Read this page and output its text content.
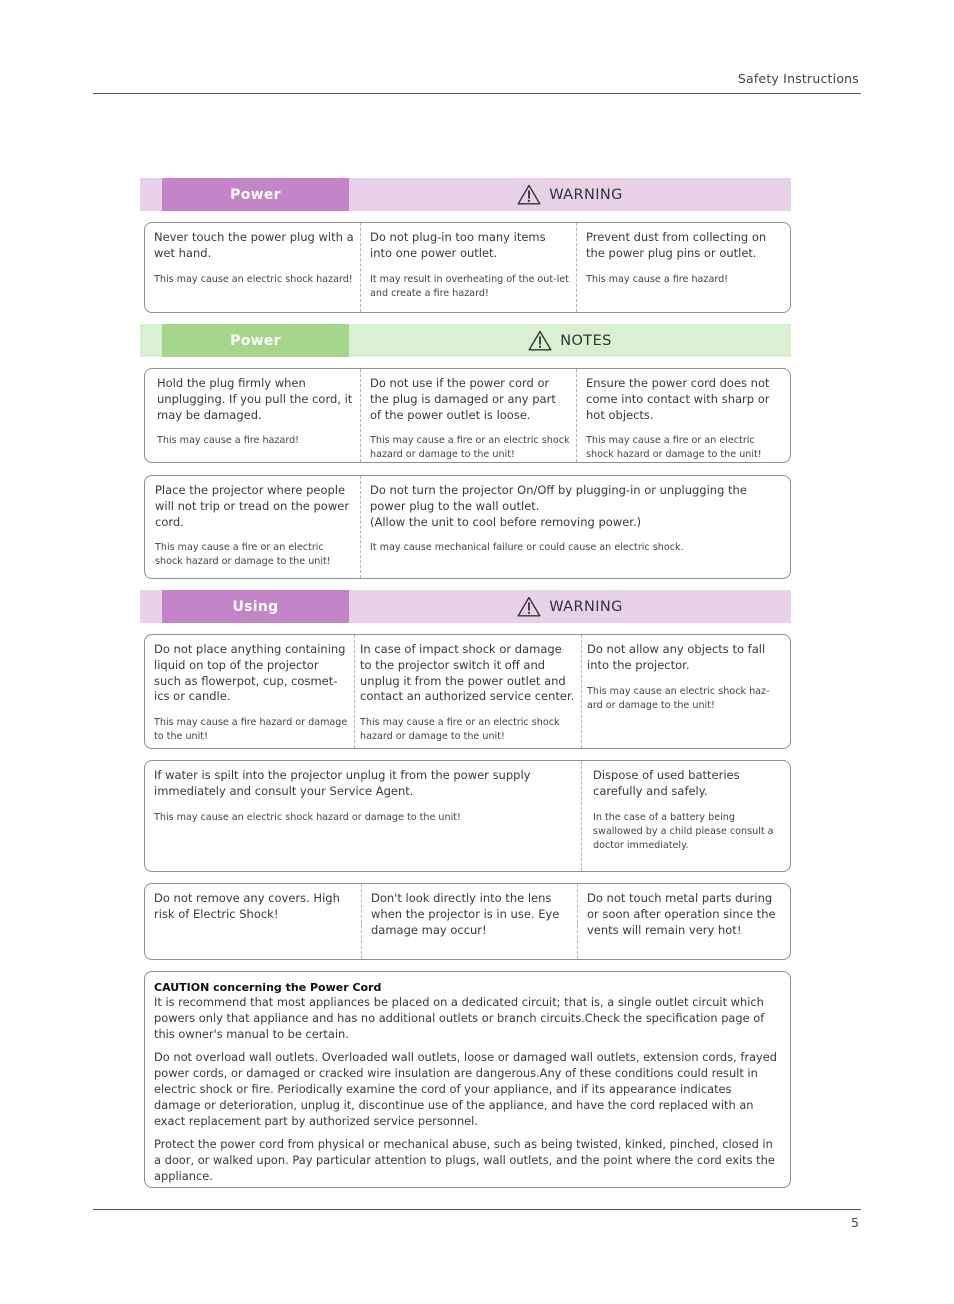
Safety Instructions
Power	WARNING
Never touch the power plug with a wet hand.
This may cause an electric shock hazard!
Do not plug-in too many items into one power outlet.
It may result in overheating of the out-let and create a fire hazard!
Prevent dust from collecting on the power plug pins or outlet.
This may cause a fire hazard!
Power	NOTES
Hold the plug firmly when unplugging. If you pull the cord, it may be damaged.
This may cause a fire hazard!
Do not use if the power cord or the plug is damaged or any part of the power outlet is loose.
This may cause a fire or an electric shock hazard or damage to the unit!
Ensure the power cord does not come into contact with sharp or hot objects.
This may cause a fire or an electric shock hazard or damage to the unit!
Place the projector where people will not trip or tread on the power cord.
This may cause a fire or an electric shock hazard or damage to the unit!
Do not turn the projector On/Off by plugging-in or unplugging the power plug to the wall outlet.
(Allow the unit to cool before removing power.)
It may cause mechanical failure or could cause an electric shock.
Using	WARNING
Do not place anything containing liquid on top of the projector such as flowerpot, cup, cosmet-ics or candle.
This may cause a fire hazard or damage to the unit!
In case of impact shock or damage to the projector switch it off and unplug it from the power outlet and contact an authorized service center.
This may cause a fire or an electric shock hazard or damage to the unit!
Do not allow any objects to fall into the projector.
This may cause an electric shock haz-ard or damage to the unit!
If water is spilt into the projector unplug it from the power supply immediately and consult your Service Agent.
This may cause an electric shock hazard or damage to the unit!
Dispose of used batteries carefully and safely.
In the case of a battery being swallowed by a child please consult a doctor immediately.
Do not remove any covers. High risk of Electric Shock!
Don't look directly into the lens when the projector is in use. Eye damage may occur!
Do not touch metal parts during or soon after operation since the vents will remain very hot!
CAUTION concerning the Power Cord

It is recommend that most appliances be placed on a dedicated circuit; that is, a single outlet circuit which powers only that appliance and has no additional outlets or branch circuits.Check the specification page of this owner's manual to be certain.

Do not overload wall outlets. Overloaded wall outlets, loose or damaged wall outlets, extension cords, frayed power cords, or damaged or cracked wire insulation are dangerous.Any of these conditions could result in electric shock or fire. Periodically examine the cord of your appliance, and if its appearance indicates damage or deterioration, unplug it, discontinue use of the appliance, and have the cord replaced with an exact replacement part by authorized service personnel.

Protect the power cord from physical or mechanical abuse, such as being twisted, kinked, pinched, closed in a door, or walked upon. Pay particular attention to plugs, wall outlets, and the point where the cord exits the appliance.

5
